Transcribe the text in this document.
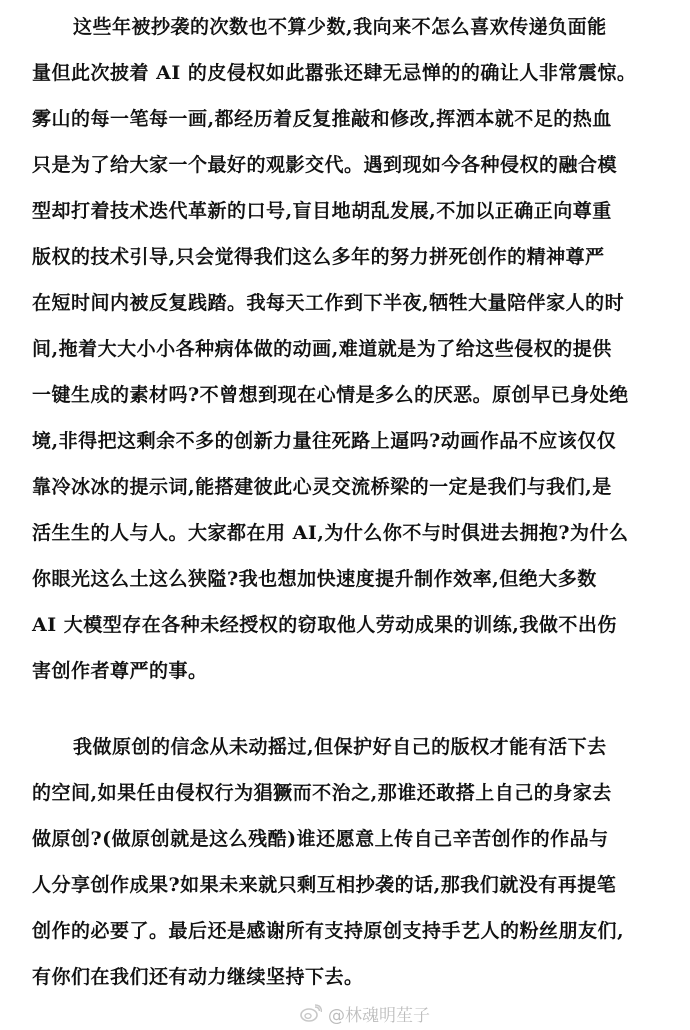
这些年被抄袭的次数也不算少数,我向来不怎么喜欢传递负面能
量但此次披着 AI 的皮侵权如此嚣张还肆无忌惮的的确让人非常震惊。
雾山的每一笔每一画,都经历着反复推敲和修改,挥洒本就不足的热血
只是为了给大家一个最好的观影交代。遇到现如今各种侵权的融合模
型却打着技术迭代革新的口号,盲目地胡乱发展,不加以正确正向尊重
版权的技术引导,只会觉得我们这么多年的努力拼死创作的精神尊严
在短时间内被反复践踏。我每天工作到下半夜,牺牲大量陪伴家人的时
间,拖着大大小小各种病体做的动画,难道就是为了给这些侵权的提供
一键生成的素材吗?不曾想到现在心情是多么的厌恶。原创早已身处绝
境,非得把这剩余不多的创新力量往死路上逼吗?动画作品不应该仅仅
靠冷冰冰的提示词,能搭建彼此心灵交流桥梁的一定是我们与我们,是
活生生的人与人。大家都在用 AI,为什么你不与时俱进去拥抱?为什么
你眼光这么土这么狭隘?我也想加快速度提升制作效率,但绝大多数
AI 大模型存在各种未经授权的窃取他人劳动成果的训练,我做不出伤
害创作者尊严的事。
我做原创的信念从未动摇过,但保护好自己的版权才能有活下去
的空间,如果任由侵权行为猖獗而不治之,那谁还敢搭上自己的身家去
做原创?(做原创就是这么残酷)谁还愿意上传自己辛苦创作的作品与
人分享创作成果?如果未来就只剩互相抄袭的话,那我们就没有再提笔
创作的必要了。最后还是感谢所有支持原创支持手艺人的粉丝朋友们,
有你们在我们还有动力继续坚持下去。
@林魂明苼子
